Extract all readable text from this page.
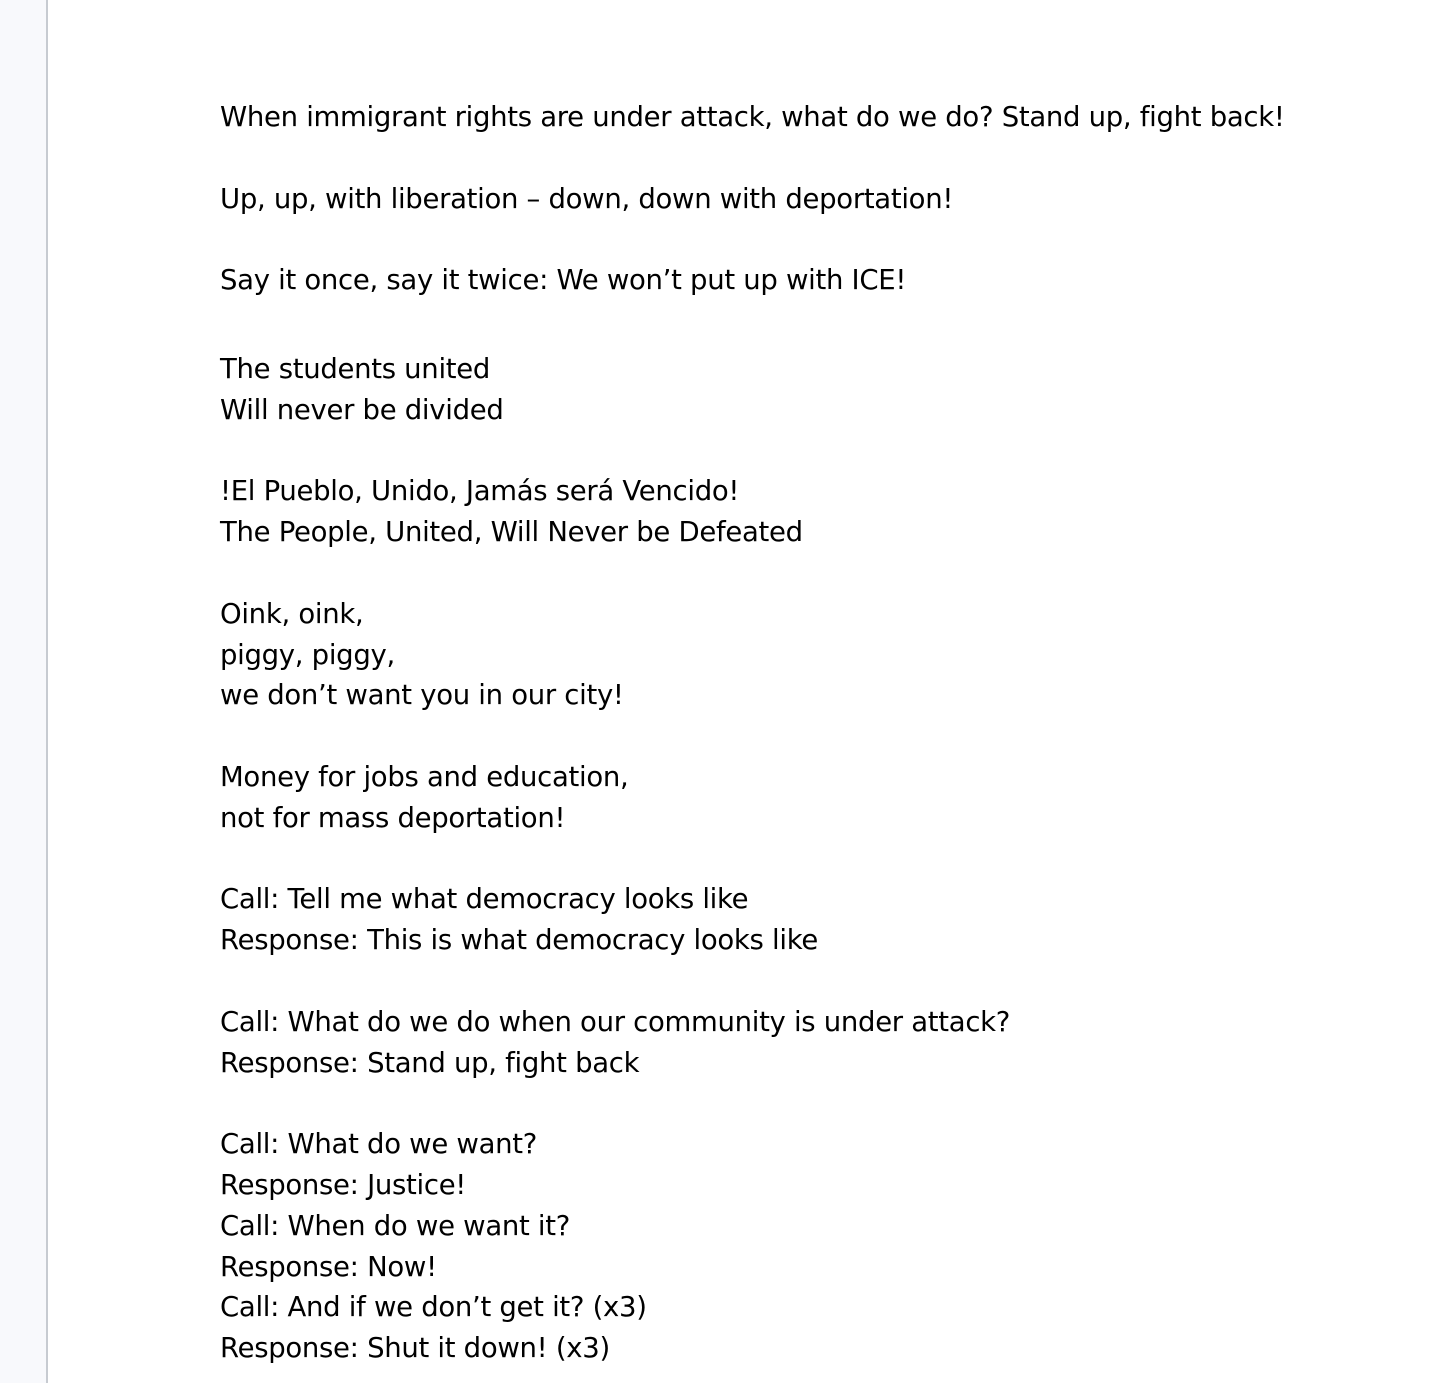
When immigrant rights are under attack, what do we do? Stand up, fight back!
Up, up, with liberation – down, down with deportation!
Say it once, say it twice: We won’t put up with ICE!
The students united
Will never be divided
!El Pueblo, Unido, Jamás será Vencido!
The People, United, Will Never be Defeated
Oink, oink,
piggy, piggy,
we don’t want you in our city!
Money for jobs and education,
not for mass deportation!
Call: Tell me what democracy looks like
Response: This is what democracy looks like
Call: What do we do when our community is under attack?
Response: Stand up, fight back
Call: What do we want?
Response: Justice!
Call: When do we want it?
Response: Now!
Call: And if we don’t get it? (x3)
Response: Shut it down! (x3)
